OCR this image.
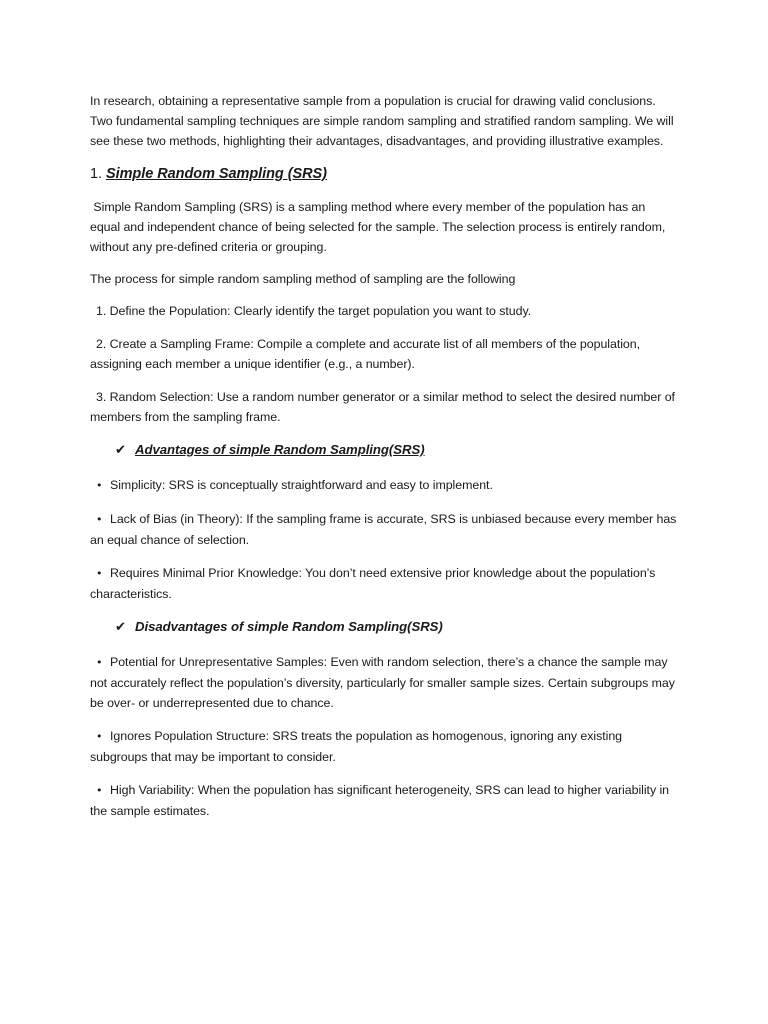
In research, obtaining a representative sample from a population is crucial for drawing valid conclusions. Two fundamental sampling techniques are simple random sampling and stratified random sampling. We will see these two methods, highlighting their advantages, disadvantages, and providing illustrative examples.

1. Simple Random Sampling (SRS)

Simple Random Sampling (SRS) is a sampling method where every member of the population has an equal and independent chance of being selected for the sample. The selection process is entirely random, without any pre-defined criteria or grouping.

The process for simple random sampling method of sampling are the following

1. Define the Population: Clearly identify the target population you want to study.

2. Create a Sampling Frame: Compile a complete and accurate list of all members of the population, assigning each member a unique identifier (e.g., a number).

3. Random Selection: Use a random number generator or a similar method to select the desired number of members from the sampling frame.

✔ Advantages of simple Random Sampling(SRS)

• Simplicity: SRS is conceptually straightforward and easy to implement.

• Lack of Bias (in Theory): If the sampling frame is accurate, SRS is unbiased because every member has an equal chance of selection.

• Requires Minimal Prior Knowledge: You don’t need extensive prior knowledge about the population’s characteristics.

✔ Disadvantages of simple Random Sampling(SRS)

• Potential for Unrepresentative Samples: Even with random selection, there’s a chance the sample may not accurately reflect the population’s diversity, particularly for smaller sample sizes. Certain subgroups may be over- or underrepresented due to chance.

• Ignores Population Structure: SRS treats the population as homogenous, ignoring any existing subgroups that may be important to consider.

• High Variability: When the population has significant heterogeneity, SRS can lead to higher variability in the sample estimates.
